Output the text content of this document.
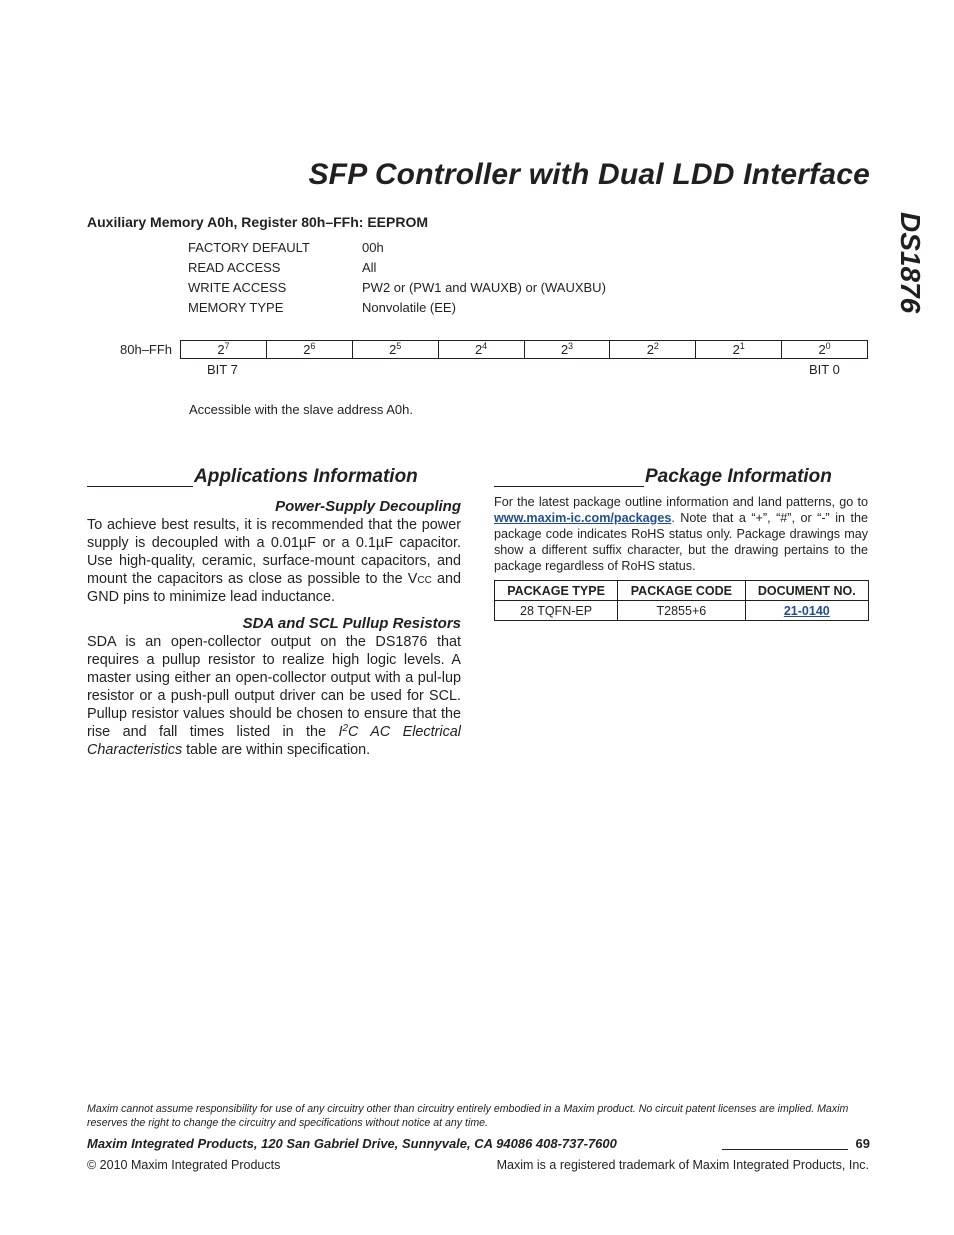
SFP Controller with Dual LDD Interface
DS1876
Auxiliary Memory A0h, Register 80h–FFh: EEPROM
FACTORY DEFAULT	00h
READ ACCESS	All
WRITE ACCESS	PW2 or (PW1 and WAUXB) or (WAUXBU)
MEMORY TYPE	Nonvolatile (EE)
80h–FFh	$2^7$	$2^6$	$2^5$	$2^4$	$2^3$	$2^2$	$2^1$	$2^0$
BIT 7	BIT 0
Accessible with the slave address A0h.
Applications Information
Power-Supply Decoupling
To achieve best results, it is recommended that the power supply is decoupled with a 0.01µF or a 0.1µF capacitor. Use high-quality, ceramic, surface-mount capacitors, and mount the capacitors as close as possible to the VCC and GND pins to minimize lead inductance.
SDA and SCL Pullup Resistors
SDA is an open-collector output on the DS1876 that requires a pullup resistor to realize high logic levels. A master using either an open-collector output with a pul-lup resistor or a push-pull output driver can be used for SCL. Pullup resistor values should be chosen to ensure that the rise and fall times listed in the $I^2C$ AC Electrical Characteristics table are within specification.
Package Information
For the latest package outline information and land patterns, go to www.maxim-ic.com/packages. Note that a “+”, “#”, or “-” in the package code indicates RoHS status only. Package drawings may show a different suffix character, but the drawing pertains to the package regardless of RoHS status.
PACKAGE TYPE	PACKAGE CODE	DOCUMENT NO.
28 TQFN-EP	T2855+6	21-0140
Maxim cannot assume responsibility for use of any circuitry other than circuitry entirely embodied in a Maxim product. No circuit patent licenses are implied. Maxim reserves the right to change the circuitry and specifications without notice at any time.
Maxim Integrated Products, 120 San Gabriel Drive, Sunnyvale, CA 94086 408-737-7600	69
© 2010 Maxim Integrated Products	Maxim is a registered trademark of Maxim Integrated Products, Inc.
